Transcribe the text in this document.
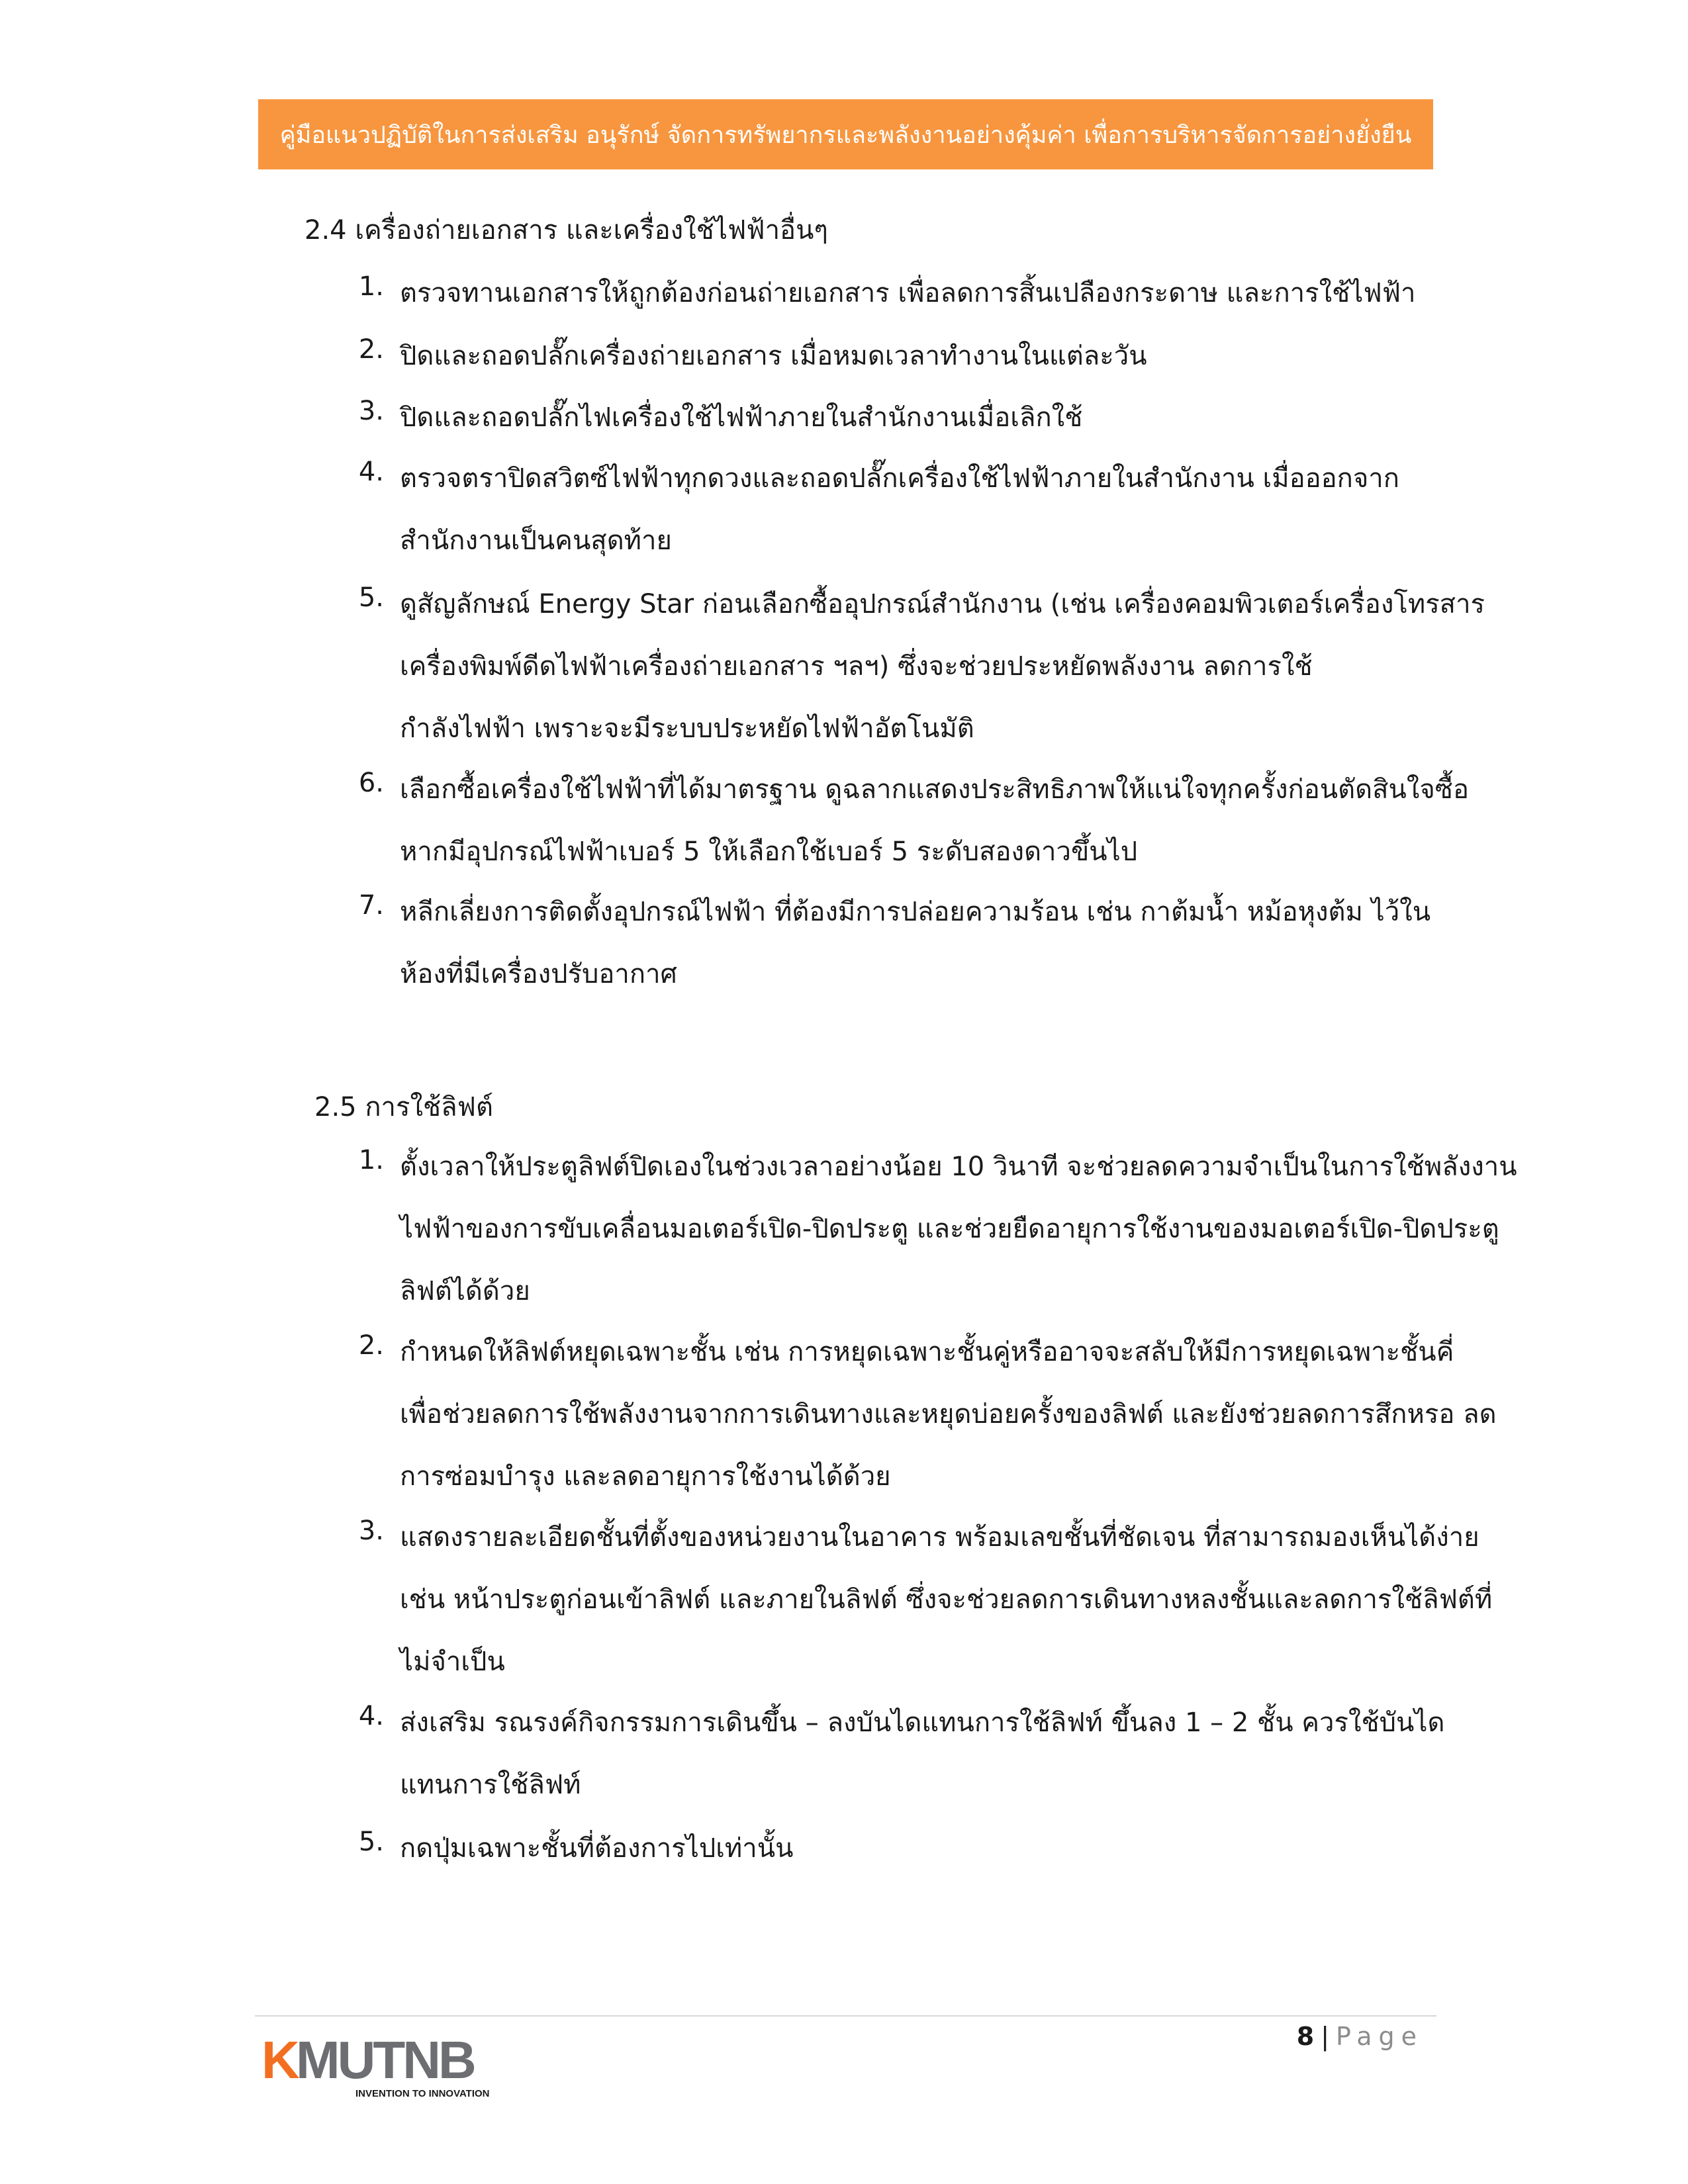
คู่มือแนวปฏิบัติในการส่งเสริม อนุรักษ์ จัดการทรัพยากรและพลังงานอย่างคุ้มค่า เพื่อการบริหารจัดการอย่างยั่งยืน
2.4 เครื่องถ่ายเอกสาร และเครื่องใช้ไฟฟ้าอื่นๆ
1. ตรวจทานเอกสารให้ถูกต้องก่อนถ่ายเอกสาร เพื่อลดการสิ้นเปลืองกระดาษ และการใช้ไฟฟ้า
2. ปิดและถอดปลั๊กเครื่องถ่ายเอกสาร เมื่อหมดเวลาทำงานในแต่ละวัน
3. ปิดและถอดปลั๊กไฟเครื่องใช้ไฟฟ้าภายในสำนักงานเมื่อเลิกใช้
4. ตรวจตราปิดสวิตซ์ไฟฟ้าทุกดวงและถอดปลั๊กเครื่องใช้ไฟฟ้าภายในสำนักงาน เมื่อออกจาก
สำนักงานเป็นคนสุดท้าย
5. ดูสัญลักษณ์ Energy Star ก่อนเลือกซื้ออุปกรณ์สำนักงาน (เช่น เครื่องคอมพิวเตอร์เครื่องโทรสาร
เครื่องพิมพ์ดีดไฟฟ้าเครื่องถ่ายเอกสาร ฯลฯ) ซึ่งจะช่วยประหยัดพลังงาน ลดการใช้
กำลังไฟฟ้า เพราะจะมีระบบประหยัดไฟฟ้าอัตโนมัติ
6. เลือกซื้อเครื่องใช้ไฟฟ้าที่ได้มาตรฐาน ดูฉลากแสดงประสิทธิภาพให้แน่ใจทุกครั้งก่อนตัดสินใจซื้อ
หากมีอุปกรณ์ไฟฟ้าเบอร์ 5 ให้เลือกใช้เบอร์ 5 ระดับสองดาวขึ้นไป
7. หลีกเลี่ยงการติดตั้งอุปกรณ์ไฟฟ้า ที่ต้องมีการปล่อยความร้อน เช่น กาต้มน้ำ หม้อหุงต้ม ไว้ใน
ห้องที่มีเครื่องปรับอากาศ
2.5 การใช้ลิฟต์
1. ตั้งเวลาให้ประตูลิฟต์ปิดเองในช่วงเวลาอย่างน้อย 10 วินาที จะช่วยลดความจำเป็นในการใช้พลังงาน
ไฟฟ้าของการขับเคลื่อนมอเตอร์เปิด-ปิดประตู และช่วยยืดอายุการใช้งานของมอเตอร์เปิด-ปิดประตู
ลิฟต์ได้ด้วย
2. กำหนดให้ลิฟต์หยุดเฉพาะชั้น เช่น การหยุดเฉพาะชั้นคู่หรืออาจจะสลับให้มีการหยุดเฉพาะชั้นคี่
เพื่อช่วยลดการใช้พลังงานจากการเดินทางและหยุดบ่อยครั้งของลิฟต์ และยังช่วยลดการสึกหรอ ลด
การซ่อมบำรุง และลดอายุการใช้งานได้ด้วย
3. แสดงรายละเอียดชั้นที่ตั้งของหน่วยงานในอาคาร พร้อมเลขชั้นที่ชัดเจน ที่สามารถมองเห็นได้ง่าย
เช่น หน้าประตูก่อนเข้าลิฟต์ และภายในลิฟต์ ซึ่งจะช่วยลดการเดินทางหลงชั้นและลดการใช้ลิฟต์ที่
ไม่จำเป็น
4. ส่งเสริม รณรงค์กิจกรรมการเดินขึ้น – ลงบันไดแทนการใช้ลิฟท์ ขึ้นลง 1 – 2 ชั้น ควรใช้บันได
แทนการใช้ลิฟท์
5. กดปุ่มเฉพาะชั้นที่ต้องการไปเท่านั้น
8 | Page
K
MUTNB
INVENTION TO INNOVATION
